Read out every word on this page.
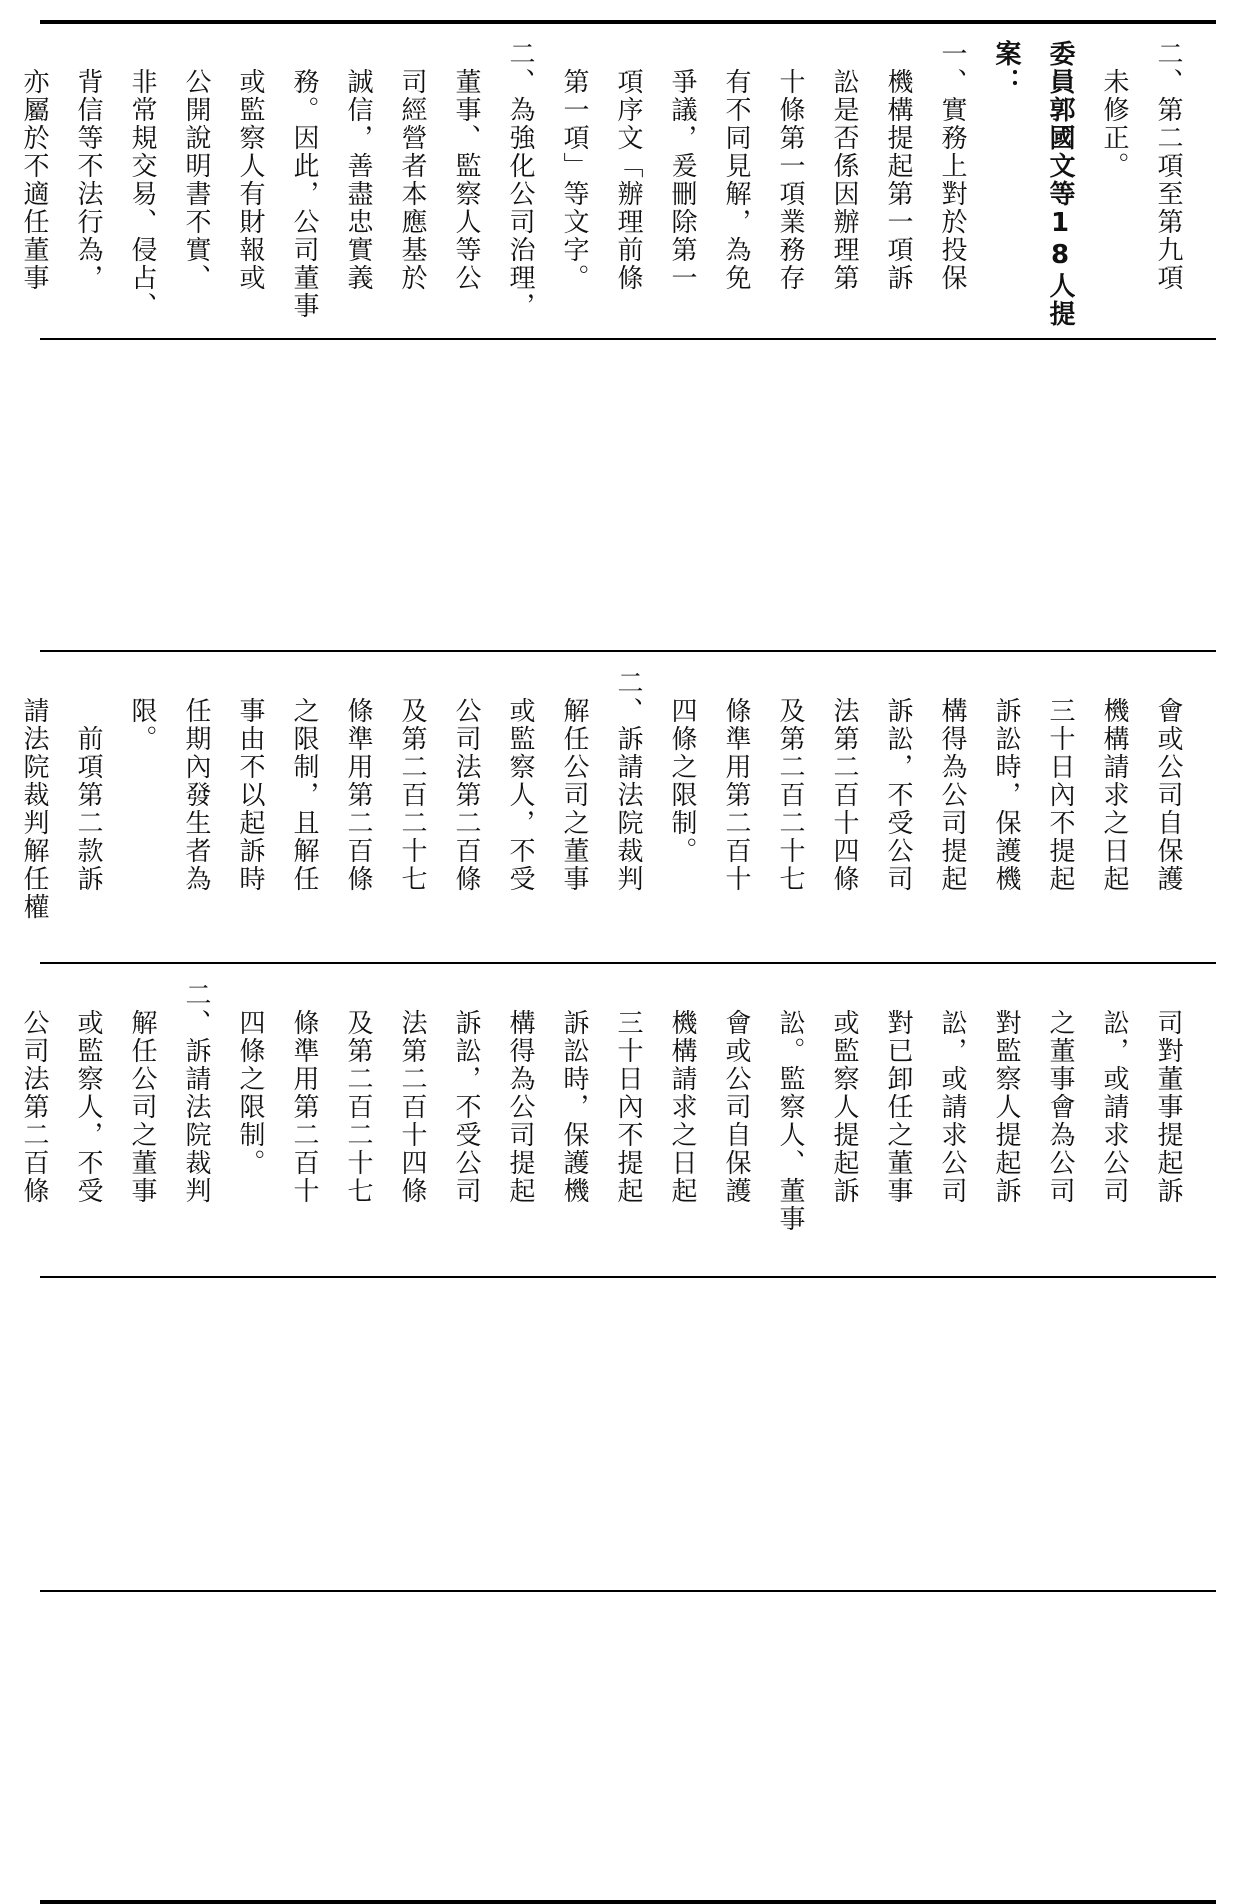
二、第二項至第九項
　未修正。
委員郭國文等18人提
案：
一、實務上對於投保
　機構提起第一項訴
　訟是否係因辦理第
　十條第一項業務存
　有不同見解，為免
　爭議，爰刪除第一
　項序文「辦理前條
　第一項」等文字。
二、為強化公司治理，
　董事、監察人等公
　司經營者本應基於
　誠信，善盡忠實義
　務。因此，公司董事
　或監察人有財報或
　公開說明書不實、
　非常規交易、侵占、
　背信等不法行為，
　亦屬於不適任董事
　會或公司自保護
　機構請求之日起
　三十日內不提起
　訴訟時，保護機
　構得為公司提起
　訴訟，不受公司
　法第二百十四條
　及第二百二十七
　條準用第二百十
　四條之限制。
二、訴請法院裁判
　解任公司之董事
　或監察人，不受
　公司法第二百條
　及第二百二十七
　條準用第二百條
　之限制，且解任
　事由不以起訴時
　任期內發生者為
　限。
　　前項第二款訴
　請法院裁判解任權
　司對董事提起訴
　訟，或請求公司
　之董事會為公司
　對監察人提起訴
　訟，或請求公司
　對已卸任之董事
　或監察人提起訴
　訟。監察人、董事
　會或公司自保護
　機構請求之日起
　三十日內不提起
　訴訟時，保護機
　構得為公司提起
　訴訟，不受公司
　法第二百十四條
　及第二百二十七
　條準用第二百十
　四條之限制。
二、訴請法院裁判
　解任公司之董事
　或監察人，不受
　公司法第二百條
